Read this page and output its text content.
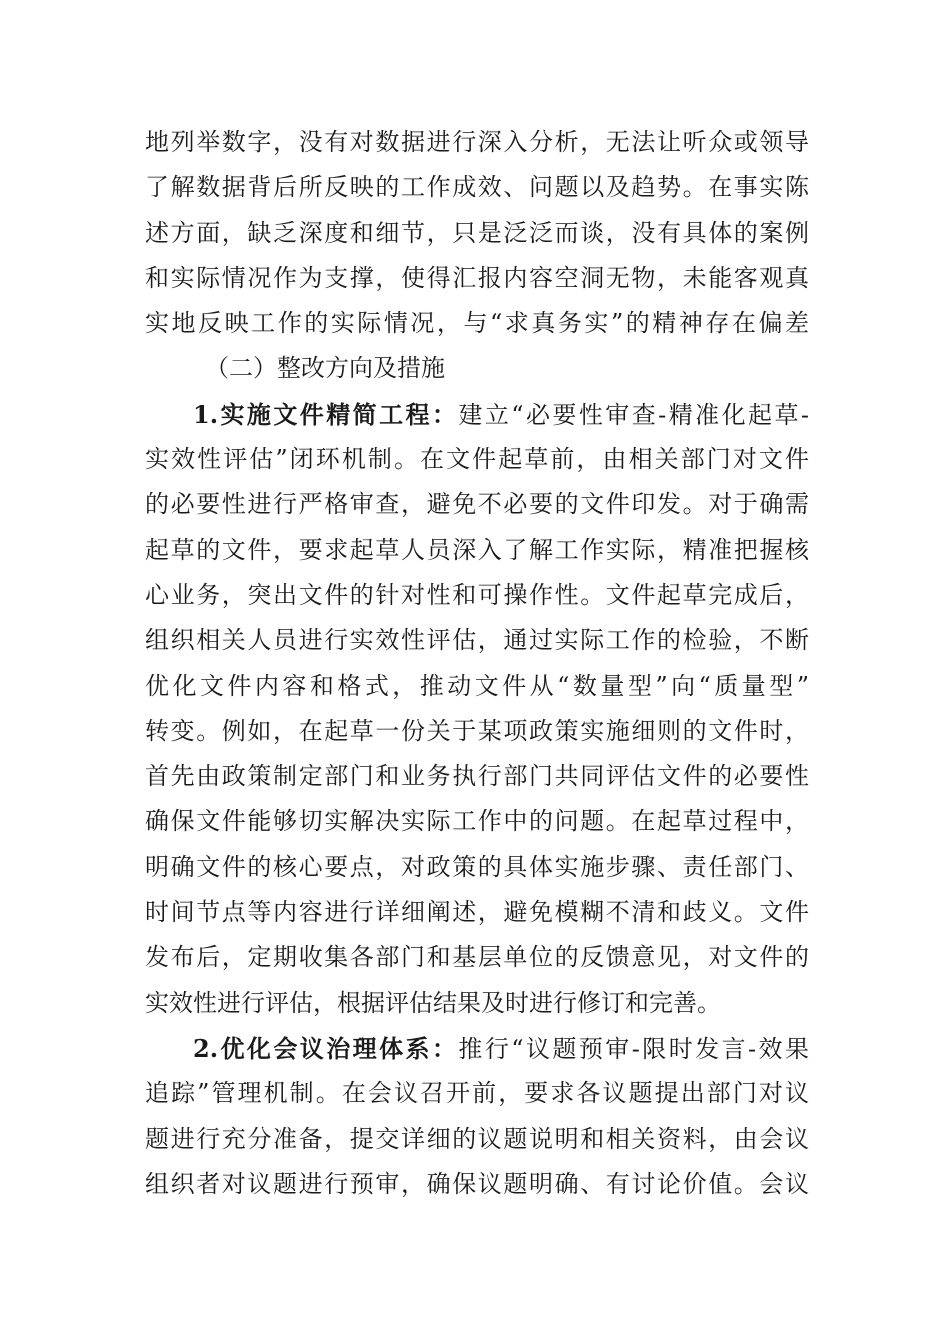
地列举数字，没有对数据进行深入分析，无法让听众或领导
了解数据背后所反映的工作成效、问题以及趋势。在事实陈
述方面，缺乏深度和细节，只是泛泛而谈，没有具体的案例
和实际情况作为支撑，使得汇报内容空洞无物，未能客观真
实地反映工作的实际情况，与“求真务实”的精神存在偏差
（二）整改方向及措施
1.实施文件精简工程：建立“必要性审查-精准化起草-
实效性评估”闭环机制。在文件起草前，由相关部门对文件
的必要性进行严格审查，避免不必要的文件印发。对于确需
起草的文件，要求起草人员深入了解工作实际，精准把握核
心业务，突出文件的针对性和可操作性。文件起草完成后，
组织相关人员进行实效性评估，通过实际工作的检验，不断
优化文件内容和格式，推动文件从“数量型”向“质量型”
转变。例如，在起草一份关于某项政策实施细则的文件时，
首先由政策制定部门和业务执行部门共同评估文件的必要性
确保文件能够切实解决实际工作中的问题。在起草过程中，
明确文件的核心要点，对政策的具体实施步骤、责任部门、
时间节点等内容进行详细阐述，避免模糊不清和歧义。文件
发布后，定期收集各部门和基层单位的反馈意见，对文件的
实效性进行评估，根据评估结果及时进行修订和完善。
2.优化会议治理体系：推行“议题预审-限时发言-效果
追踪”管理机制。在会议召开前，要求各议题提出部门对议
题进行充分准备，提交详细的议题说明和相关资料，由会议
组织者对议题进行预审，确保议题明确、有讨论价值。会议
